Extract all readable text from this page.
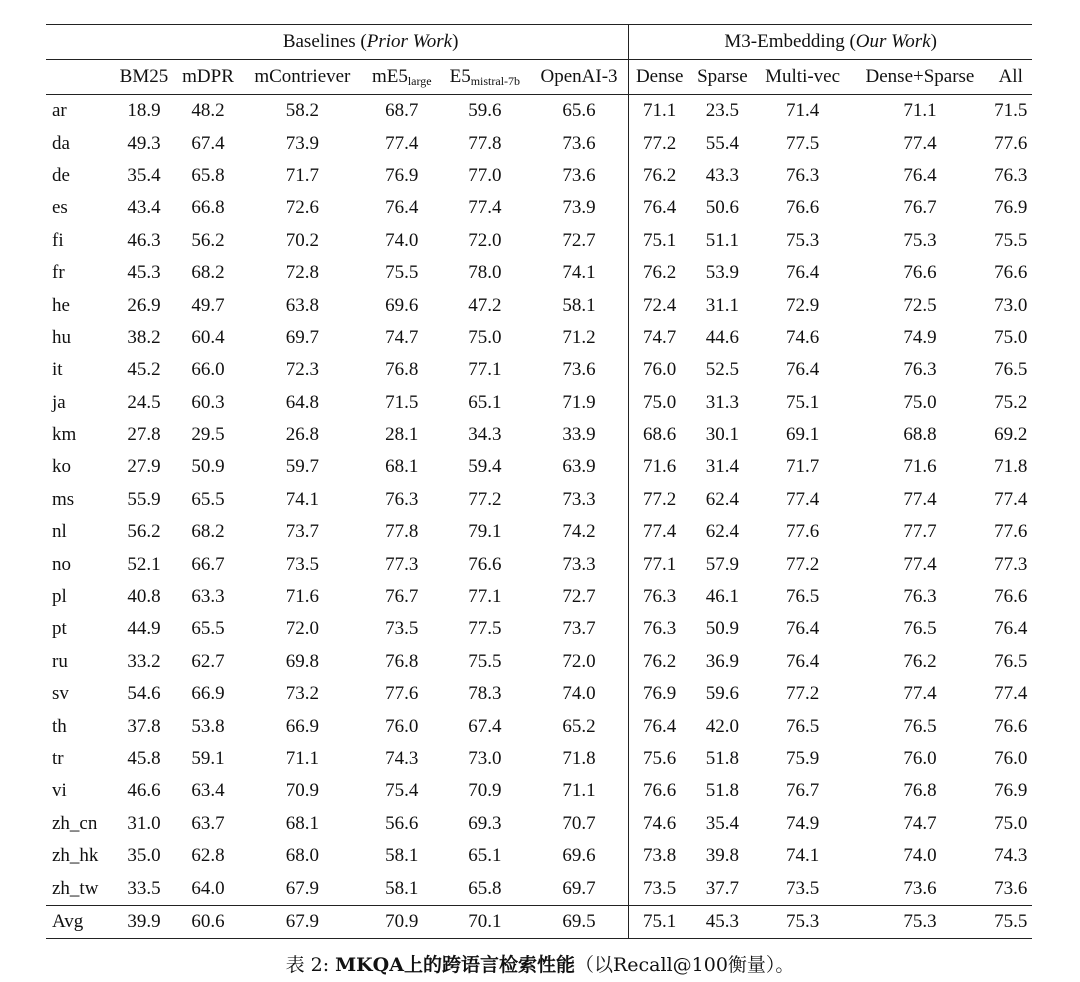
	Baselines (Prior Work)						M3-Embedding (Our Work)				
	BM25	mDPR	mContriever	$mE5_{large}$	$E5_{mistral-7b}$	OpenAI-3	Dense	Sparse	Multi-vec	Dense+Sparse	All
ar	18.9	48.2	58.2	68.7	59.6	65.6	71.1	23.5	71.4	71.1	71.5
da	49.3	67.4	73.9	77.4	77.8	73.6	77.2	55.4	77.5	77.4	77.6
de	35.4	65.8	71.7	76.9	77.0	73.6	76.2	43.3	76.3	76.4	76.3
es	43.4	66.8	72.6	76.4	77.4	73.9	76.4	50.6	76.6	76.7	76.9
fi	46.3	56.2	70.2	74.0	72.0	72.7	75.1	51.1	75.3	75.3	75.5
fr	45.3	68.2	72.8	75.5	78.0	74.1	76.2	53.9	76.4	76.6	76.6
he	26.9	49.7	63.8	69.6	47.2	58.1	72.4	31.1	72.9	72.5	73.0
hu	38.2	60.4	69.7	74.7	75.0	71.2	74.7	44.6	74.6	74.9	75.0
it	45.2	66.0	72.3	76.8	77.1	73.6	76.0	52.5	76.4	76.3	76.5
ja	24.5	60.3	64.8	71.5	65.1	71.9	75.0	31.3	75.1	75.0	75.2
km	27.8	29.5	26.8	28.1	34.3	33.9	68.6	30.1	69.1	68.8	69.2
ko	27.9	50.9	59.7	68.1	59.4	63.9	71.6	31.4	71.7	71.6	71.8
ms	55.9	65.5	74.1	76.3	77.2	73.3	77.2	62.4	77.4	77.4	77.4
nl	56.2	68.2	73.7	77.8	79.1	74.2	77.4	62.4	77.6	77.7	77.6
no	52.1	66.7	73.5	77.3	76.6	73.3	77.1	57.9	77.2	77.4	77.3
pl	40.8	63.3	71.6	76.7	77.1	72.7	76.3	46.1	76.5	76.3	76.6
pt	44.9	65.5	72.0	73.5	77.5	73.7	76.3	50.9	76.4	76.5	76.4
ru	33.2	62.7	69.8	76.8	75.5	72.0	76.2	36.9	76.4	76.2	76.5
sv	54.6	66.9	73.2	77.6	78.3	74.0	76.9	59.6	77.2	77.4	77.4
th	37.8	53.8	66.9	76.0	67.4	65.2	76.4	42.0	76.5	76.5	76.6
tr	45.8	59.1	71.1	74.3	73.0	71.8	75.6	51.8	75.9	76.0	76.0
vi	46.6	63.4	70.9	75.4	70.9	71.1	76.6	51.8	76.7	76.8	76.9
zh_cn	31.0	63.7	68.1	56.6	69.3	70.7	74.6	35.4	74.9	74.7	75.0
zh_hk	35.0	62.8	68.0	58.1	65.1	69.6	73.8	39.8	74.1	74.0	74.3
zh_tw	33.5	64.0	67.9	58.1	65.8	69.7	73.5	37.7	73.5	73.6	73.6
Avg	39.9	60.6	67.9	70.9	70.1	69.5	75.1	45.3	75.3	75.3	75.5
表 2: MKQA上的跨语言检索性能（以Recall@100衡量）。
